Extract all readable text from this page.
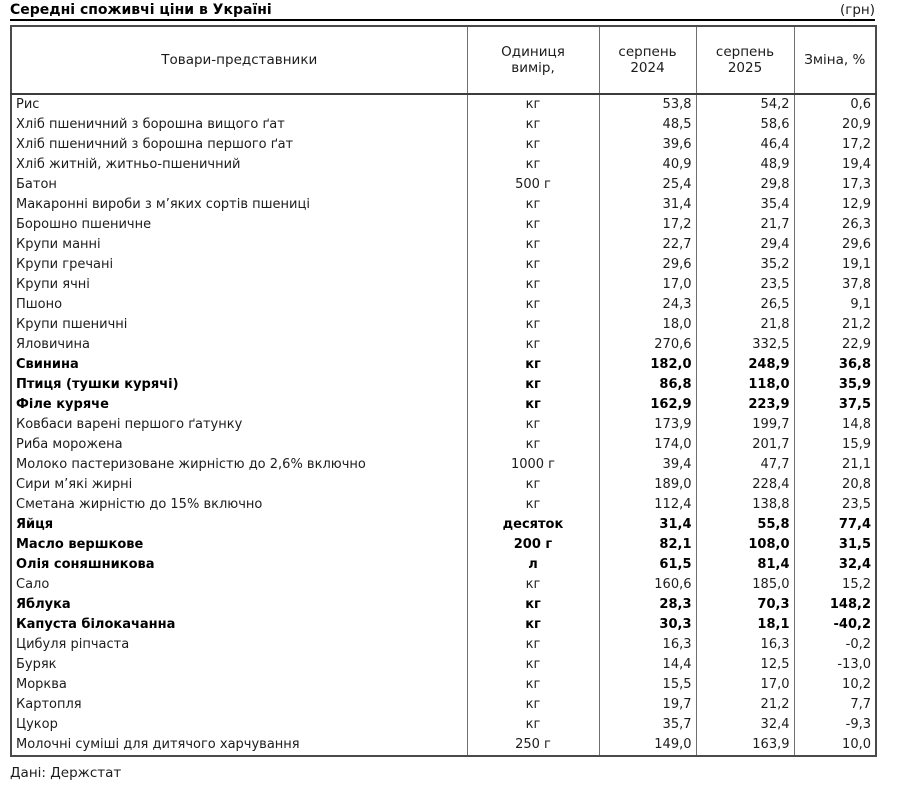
Середні споживчі ціни в Україні	(грн)
Товари-представники	Одиниця вимір,	серпень 2024	серпень 2025	Зміна, %
Рис	кг	53,8	54,2	0,6
Хліб пшеничний з борошна вищого ґат	кг	48,5	58,6	20,9
Хліб пшеничний з борошна першого ґат	кг	39,6	46,4	17,2
Хліб житній, житньо-пшеничний	кг	40,9	48,9	19,4
Батон	500 г	25,4	29,8	17,3
Макаронні вироби з м’яких сортів пшениці	кг	31,4	35,4	12,9
Борошно пшеничне	кг	17,2	21,7	26,3
Крупи манні	кг	22,7	29,4	29,6
Крупи гречані	кг	29,6	35,2	19,1
Крупи ячні	кг	17,0	23,5	37,8
Пшоно	кг	24,3	26,5	9,1
Крупи пшеничні	кг	18,0	21,8	21,2
Яловичина	кг	270,6	332,5	22,9
Свинина	кг	182,0	248,9	36,8
Птиця (тушки курячі)	кг	86,8	118,0	35,9
Філе куряче	кг	162,9	223,9	37,5
Ковбаси варені першого ґатунку	кг	173,9	199,7	14,8
Риба морожена	кг	174,0	201,7	15,9
Молоко пастеризоване жирністю до 2,6% включно	1000 г	39,4	47,7	21,1
Сири м’які жирні	кг	189,0	228,4	20,8
Сметана жирністю до 15% включно	кг	112,4	138,8	23,5
Яйця	десяток	31,4	55,8	77,4
Масло вершкове	200 г	82,1	108,0	31,5
Олія соняшникова	л	61,5	81,4	32,4
Сало	кг	160,6	185,0	15,2
Яблука	кг	28,3	70,3	148,2
Капуста білокачанна	кг	30,3	18,1	-40,2
Цибуля ріпчаста	кг	16,3	16,3	-0,2
Буряк	кг	14,4	12,5	-13,0
Морква	кг	15,5	17,0	10,2
Картопля	кг	19,7	21,2	7,7
Цукор	кг	35,7	32,4	-9,3
Молочні суміші для дитячого харчування	250 г	149,0	163,9	10,0
Дані: Держстат
